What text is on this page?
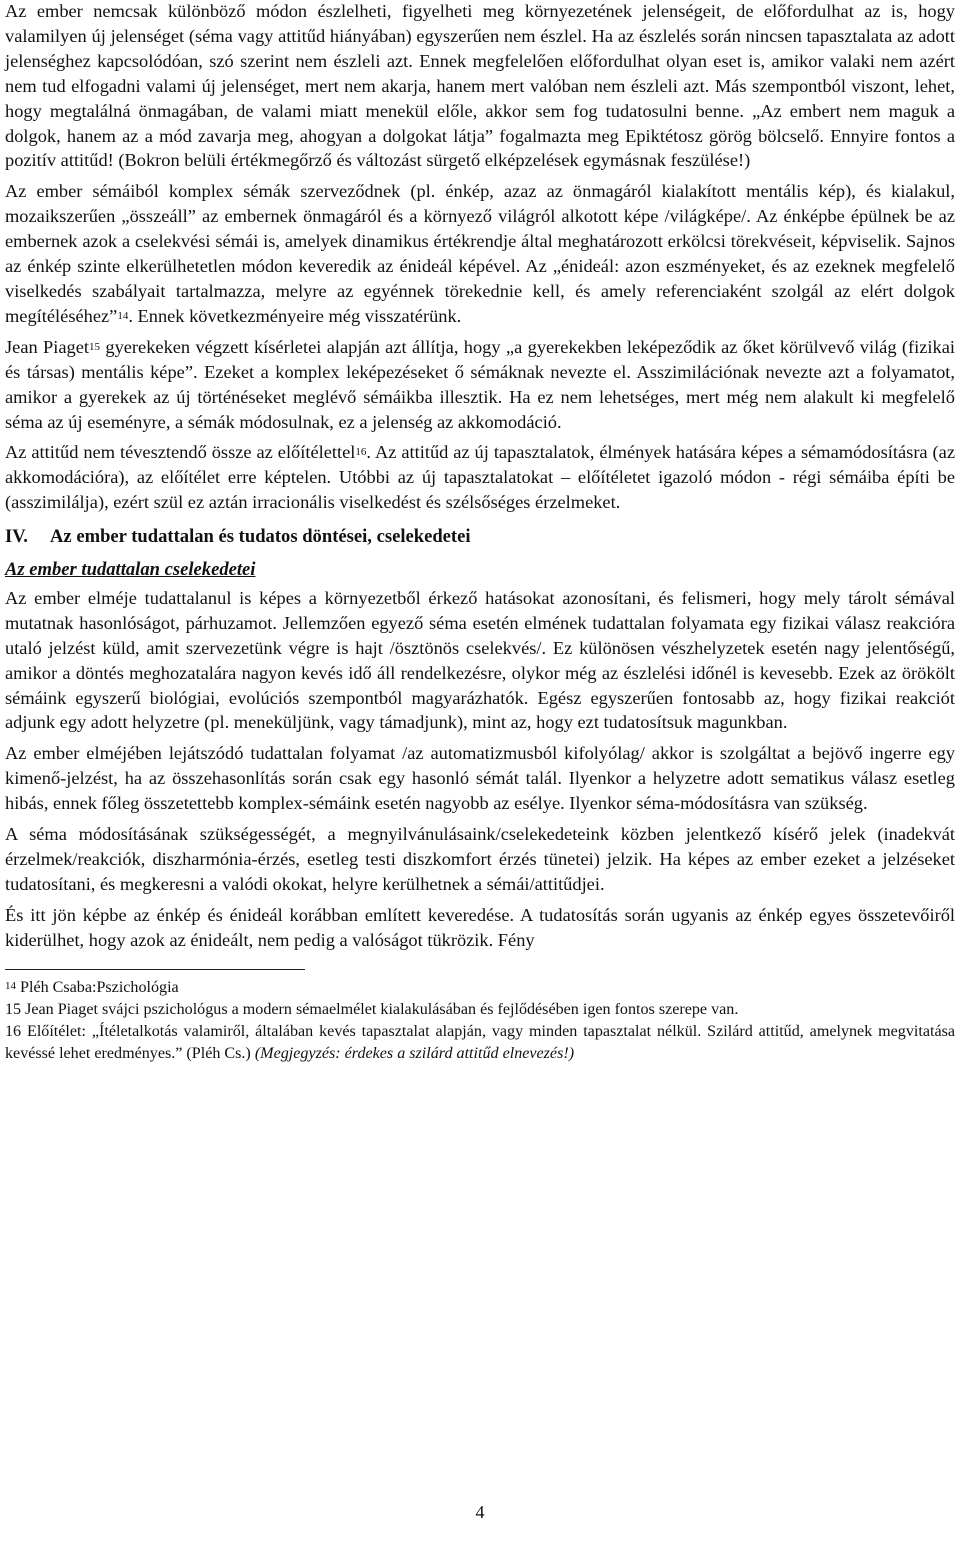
Az ember nemcsak különböző módon észlelheti, figyelheti meg környezetének jelenségeit, de előfordulhat az is, hogy valamilyen új jelenséget (séma vagy attitűd hiányában) egyszerűen nem észlel. Ha az észlelés során nincsen tapasztalata az adott jelenséghez kapcsolódóan, szó szerint nem észleli azt. Ennek megfelelően előfordulhat olyan eset is, amikor valaki nem azért nem tud elfogadni valami új jelenséget, mert nem akarja, hanem mert valóban nem észleli azt. Más szempontból viszont, lehet, hogy megtalálná önmagában, de valami miatt menekül előle, akkor sem fog tudatosulni benne. „Az embert nem maguk a dolgok, hanem az a mód zavarja meg, ahogyan a dolgokat látja” fogalmazta meg Epiktétosz görög bölcselő. Ennyire fontos a pozitív attitűd! (Bokron belüli értékmegőrző és változást sürgető elképzelések egymásnak feszülése!)

Az ember sémáiból komplex sémák szerveződnek (pl. énkép, azaz az önmagáról kialakított mentális kép), és kialakul, mozaikszerűen „összeáll” az embernek önmagáról és a környező világról alkotott képe /világképe/. Az énképbe épülnek be az embernek azok a cselekvési sémái is, amelyek dinamikus értékrendje által meghatározott erkölcsi törekvéseit, képviselik. Sajnos az énkép szinte elkerülhetetlen módon keveredik az énideál képével. Az „énideál: azon eszményeket, és az ezeknek megfelelő viselkedés szabályait tartalmazza, melyre az egyénnek törekednie kell, és amely referenciaként szolgál az elért dolgok megítéléséhez”$^{14}$. Ennek következményeire még visszatérünk.

Jean Piaget$^{15}$ gyerekeken végzett kísérletei alapján azt állítja, hogy „a gyerekekben leképeződik az őket körülvevő világ (fizikai és társas) mentális képe”. Ezeket a komplex leképezéseket ő sémáknak nevezte el. Asszimilációnak nevezte azt a folyamatot, amikor a gyerekek az új történéseket meglévő sémáikba illesztik. Ha ez nem lehetséges, mert még nem alakult ki megfelelő séma az új eseményre, a sémák módosulnak, ez a jelenség az akkomodáció.

Az attitűd nem tévesztendő össze az előítélettel$^{16}$. Az attitűd az új tapasztalatok, élmények hatására képes a sémamódosításra (az akkomodációra), az előítélet erre képtelen. Utóbbi az új tapasztalatokat – előítéletet igazoló módon - régi sémáiba építi be (asszimilálja), ezért szül ez aztán irracionális viselkedést és szélsőséges érzelmeket.

IV. Az ember tudattalan és tudatos döntései, cselekedetei
Az ember tudattalan cselekedetei

Az ember elméje tudattalanul is képes a környezetből érkező hatásokat azonosítani, és felismeri, hogy mely tárolt sémával mutatnak hasonlóságot, párhuzamot. Jellemzően egyező séma esetén elmének tudattalan folyamata egy fizikai válasz reakcióra utaló jelzést küld, amit szervezetünk végre is hajt /ösztönös cselekvés/. Ez különösen vészhelyzetek esetén nagy jelentőségű, amikor a döntés meghozatalára nagyon kevés idő áll rendelkezésre, olykor még az észlelési időnél is kevesebb. Ezek az örökölt sémáink egyszerű biológiai, evolúciós szempontból magyarázhatók. Egész egyszerűen fontosabb az, hogy fizikai reakciót adjunk egy adott helyzetre (pl. meneküljünk, vagy támadjunk), mint az, hogy ezt tudatosítsuk magunkban.

Az ember elméjében lejátszódó tudattalan folyamat /az automatizmusból kifolyólag/ akkor is szolgáltat a bejövő ingerre egy kimenő-jelzést, ha az összehasonlítás során csak egy hasonló sémát talál. Ilyenkor a helyzetre adott sematikus válasz esetleg hibás, ennek főleg összetettebb komplex-sémáink esetén nagyobb az esélye. Ilyenkor séma-módosításra van szükség.

A séma módosításának szükségességét, a megnyilvánulásaink/cselekedeteink közben jelentkező kísérő jelek (inadekvát érzelmek/reakciók, diszharmónia-érzés, esetleg testi diszkomfort érzés tünetei) jelzik. Ha képes az ember ezeket a jelzéseket tudatosítani, és megkeresni a valódi okokat, helyre kerülhetnek a sémái/attitűdjei.

És itt jön képbe az énkép és énideál korábban említett keveredése. A tudatosítás során ugyanis az énkép egyes összetevőiről kiderülhet, hogy azok az énideált, nem pedig a valóságot tükrözik. Fény

$^{14}$ Pléh Csaba:Pszichológia

15 Jean Piaget svájci pszichológus a modern sémaelmélet kialakulásában és fejlődésében igen fontos szerepe van.

16 Előítélet: „Ítéletalkotás valamiről, általában kevés tapasztalat alapján, vagy minden tapasztalat nélkül. Szilárd attitűd, amelynek megvitatása kevéssé lehet eredményes.” (Pléh Cs.) (Megjegyzés: érdekes a szilárd attitűd elnevezés!)

4
